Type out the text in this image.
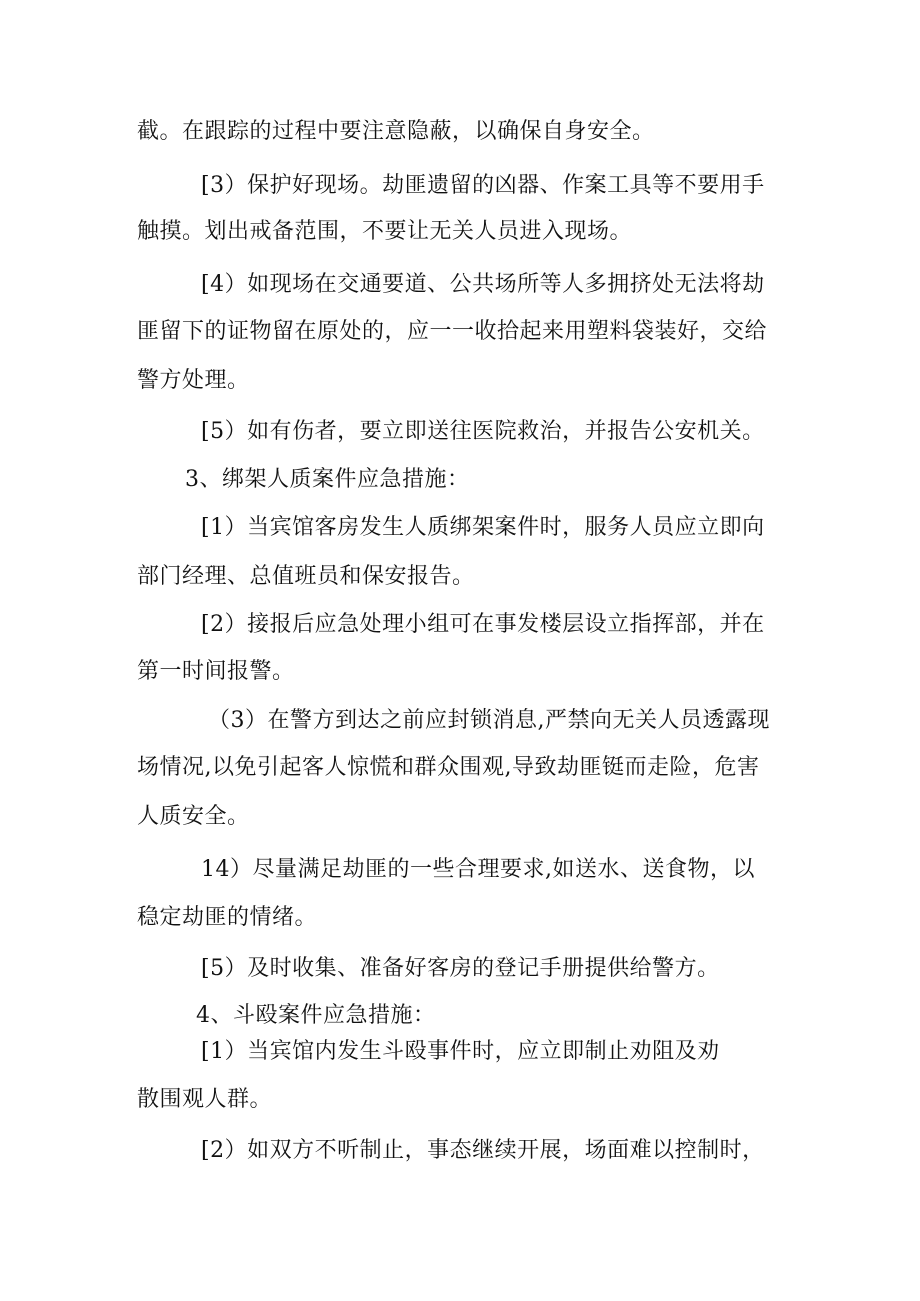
截。在跟踪的过程中要注意隐蔽，以确保自身安全。
[3）保护好现场。劫匪遗留的凶器、作案工具等不要用手
触摸。划出戒备范围，不要让无关人员进入现场。
[4）如现场在交通要道、公共场所等人多拥挤处无法将劫
匪留下的证物留在原处的，应一一收拾起来用塑料袋装好，交给
警方处理。
[5）如有伤者，要立即送往医院救治，并报告公安机关。
3、绑架人质案件应急措施：
[1）当宾馆客房发生人质绑架案件时，服务人员应立即向
部门经理、总值班员和保安报告。
[2）接报后应急处理小组可在事发楼层设立指挥部，并在
第一时间报警。
（3）在警方到达之前应封锁消息,严禁向无关人员透露现
场情况,以免引起客人惊慌和群众围观,导致劫匪铤而走险，危害
人质安全。
14）尽量满足劫匪的一些合理要求,如送水、送食物，以
稳定劫匪的情绪。
[5）及时收集、准备好客房的登记手册提供给警方。
4、斗殴案件应急措施：
[1）当宾馆内发生斗殴事件时，应立即制止劝阻及劝
散围观人群。
[2）如双方不听制止，事态继续开展，场面难以控制时，
